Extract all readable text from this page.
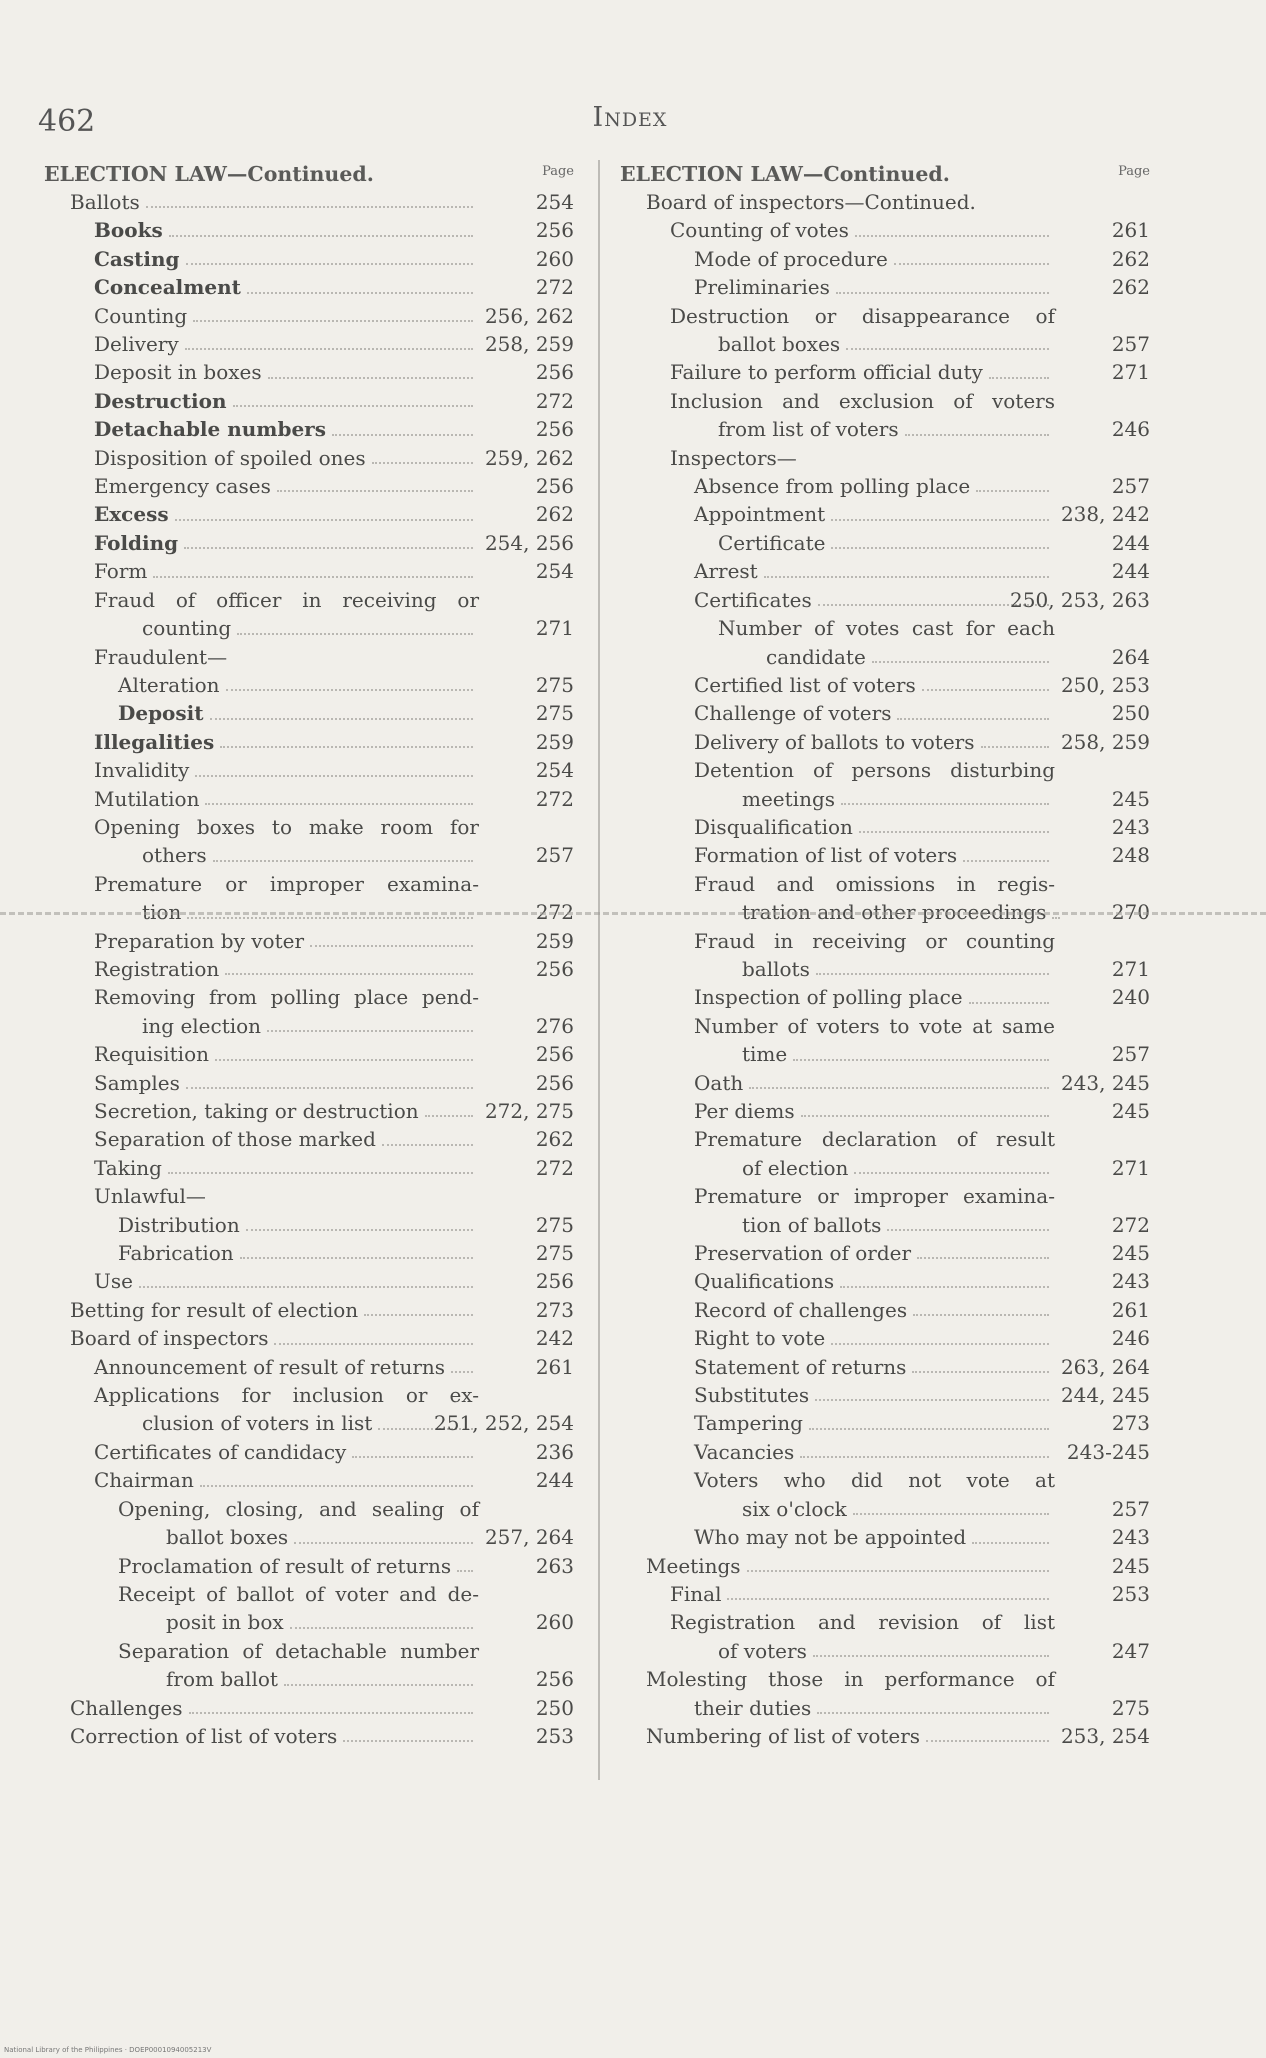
462	Index
ELECTION LAW—Continued.	Page
Ballots	254
Books	256
Casting	260
Concealment	272
Counting	256, 262
Delivery	258, 259
Deposit in boxes	256
Destruction	272
Detachable numbers	256
Disposition of spoiled ones	259, 262
Emergency cases	256
Excess	262
Folding	254, 256
Form	254
Fraud of officer in receiving or
counting	271
Fraudulent—
Alteration	275
Deposit	275
Illegalities	259
Invalidity	254
Mutilation	272
Opening boxes to make room for
others	257
Premature or improper examina-
tion	272
Preparation by voter	259
Registration	256
Removing from polling place pend-
ing election	276
Requisition	256
Samples	256
Secretion, taking or destruction	272, 275
Separation of those marked	262
Taking	272
Unlawful—
Distribution	275
Fabrication	275
Use	256
Betting for result of election	273
Board of inspectors	242
Announcement of result of returns	261
Applications for inclusion or ex-
clusion of voters in list	251, 252, 254
Certificates of candidacy	236
Chairman	244
Opening, closing, and sealing of
ballot boxes	257, 264
Proclamation of result of returns	263
Receipt of ballot of voter and de-
posit in box	260
Separation of detachable number
from ballot	256
Challenges	250
Correction of list of voters	253
ELECTION LAW—Continued.	Page
Board of inspectors—Continued.
Counting of votes	261
Mode of procedure	262
Preliminaries	262
Destruction or disappearance of
ballot boxes	257
Failure to perform official duty	271
Inclusion and exclusion of voters
from list of voters	246
Inspectors—
Absence from polling place	257
Appointment	238, 242
Certificate	244
Arrest	244
Certificates	250, 253, 263
Number of votes cast for each
candidate	264
Certified list of voters	250, 253
Challenge of voters	250
Delivery of ballots to voters	258, 259
Detention of persons disturbing
meetings	245
Disqualification	243
Formation of list of voters	248
Fraud and omissions in regis-
tration and other proceedings	270
Fraud in receiving or counting
ballots	271
Inspection of polling place	240
Number of voters to vote at same
time	257
Oath	243, 245
Per diems	245
Premature declaration of result
of election	271
Premature or improper examina-
tion of ballots	272
Preservation of order	245
Qualifications	243
Record of challenges	261
Right to vote	246
Statement of returns	263, 264
Substitutes	244, 245
Tampering	273
Vacancies	243-245
Voters who did not vote at
six o'clock	257
Who may not be appointed	243
Meetings	245
Final	253
Registration and revision of list
of voters	247
Molesting those in performance of
their duties	275
Numbering of list of voters	253, 254
National Library of the Philippines · DOEP0001094005213V
